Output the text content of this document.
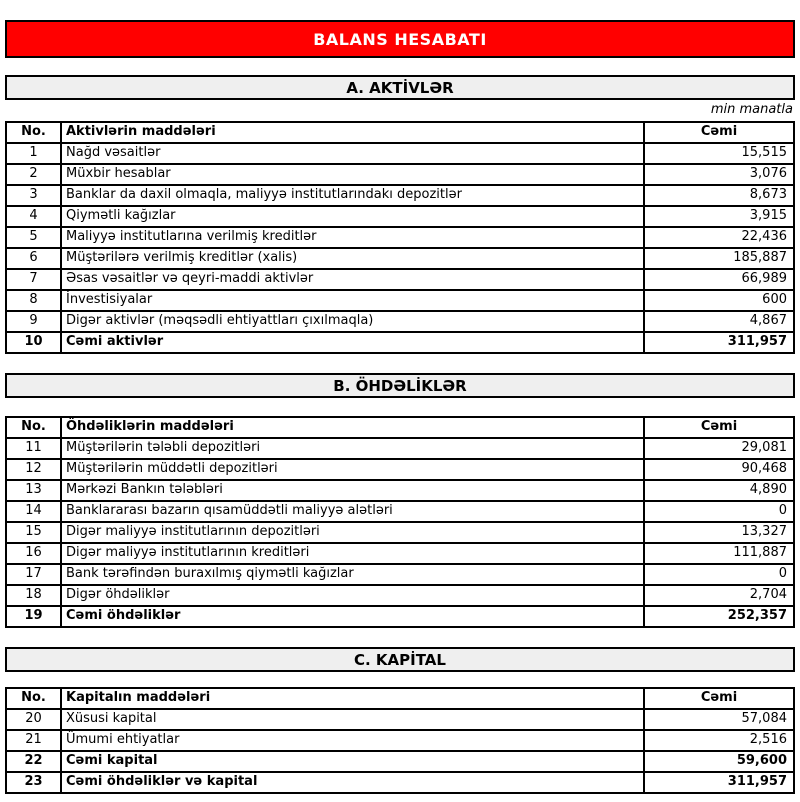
BALANS HESABATI
A. AKTİVLƏR
min manatla
No.	Aktivlərin maddələri	Cəmi
1	Nağd vəsaitlər	15,515
2	Müxbir hesablar	3,076
3	Banklar da daxil olmaqla, maliyyə institutlarındakı depozitlər	8,673
4	Qiymətli kağızlar	3,915
5	Maliyyə institutlarına verilmiş kreditlər	22,436
6	Müştərilərə verilmiş kreditlər (xalis)	185,887
7	Əsas vəsaitlər və qeyri-maddi aktivlər	66,989
8	İnvestisiyalar	600
9	Digər aktivlər (məqsədli ehtiyattları çıxılmaqla)	4,867
10	Cəmi aktivlər	311,957
B. ÖHDƏLİKLƏR
No.	Öhdəliklərin maddələri	Cəmi
11	Müştərilərin tələbli depozitləri	29,081
12	Müştərilərin müddətli depozitləri	90,468
13	Mərkəzi Bankın tələbləri	4,890
14	Banklararası bazarın qısamüddətli maliyyə alətləri	0
15	Digər maliyyə institutlarının depozitləri	13,327
16	Digər maliyyə institutlarının kreditləri	111,887
17	Bank tərəfindən buraxılmış qiymətli kağızlar	0
18	Digər öhdəliklər	2,704
19	Cəmi öhdəliklər	252,357
C. KAPİTAL
No.	Kapitalın maddələri	Cəmi
20	Xüsusi kapital	57,084
21	Ümumi ehtiyatlar	2,516
22	Cəmi kapital	59,600
23	Cəmi öhdəliklər və kapital	311,957
